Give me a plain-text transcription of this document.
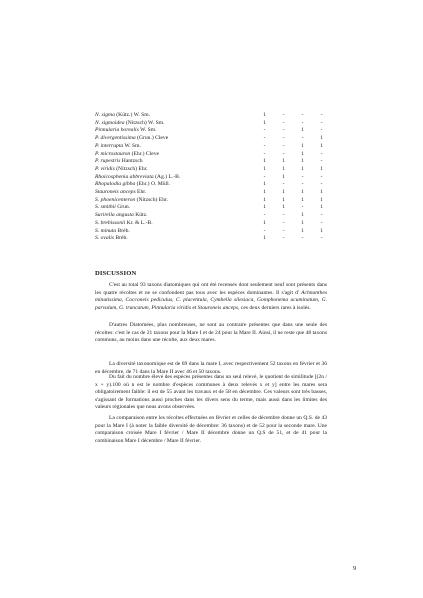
N. sigma (Kütz.) W. Sm.	1	-	-	-
N. sigmoidea (Nitzsch) W. Sm.	1	-	-	-
Pinnularia borealis W. Sm.	-	-	1	-
P. divergentissima (Grun.) Cleve	-	-	-	1
P. interrupta W. Sm.	-	-	1	1
P. microstauron (Ehr.) Cleve	-	-	1	-
P. rupestris Hantzsch	1	1	1	-
P. viridis (Nitzsch) Ehr.	1	1	1	1
Rhoicosphenia abbreviata (Ag.) L.-B.	-	1	-	-
Rhopalodia gibba (Ehr.) O. Müll.	1	-	-	-
Stauroneis anceps Ehr.	1	1	1	1
S. phoenicenteron (Nitzsch) Ehr.	1	1	1	1
S. smithii Grun.	1	1	-	1
Surirella angusta Kütz.	-	-	1	-
S. brebissonii Kr. & L.-B.	1	-	1	-
S. minuta Bréb.	-	-	1	1
S. ovalis Bréb.	1	-	-	-
DISCUSSION

C'est au total 93 taxons diatomiques qui ont été recensés dont seulement neuf sont présents dans les quatre récoltes et ne se confondent pas tous avec les espèces dominantes. Il s'agit d' Achnanthes minutissima, Cocconeis pediculus, C. placentula, Cymbella silesiaca, Gomphonema acuminatum, G. parvulum, G. truncatum, Pinnularia viridis et Stauroneis anceps, ces deux derniers rares à isolés.

D'autres Diatomées, plus nombreuses, ne sont au contraire présentes que dans une seule des récoltes: c'est le cas de 21 taxons pour la Mare I et de 24 pour la Mare II. Ainsi, il ne reste que 48 taxons communs, au moins dans une récolte, aux deux mares.

La diversité taxonomique est de 69 dans la mare I, avec respectivement 52 taxons en février et 36 en décembre, de 71 dans la Mare II avec 46 et 50 taxons.

Du fait du nombre élevé des espèces présentes dans un seul relevé, le quotient de similitude [(2n / x + y).100 où n est le nombre d'espèces communes à deux relevés x et y] entre les mares sera obligatoirement faible: il est de 55 avant les travaux et de 58 en décembre. Ces valeurs sont très basses, s'agissant de formations aussi proches dans les divers sens du terme, mais aussi dans les limites des valeurs régionales que nous avons observées.

La comparaison entre les récoltes effectuées en février et celles de décembre donne un Q.S. de 43 pour la Mare I (à noter la faible diversité de décembre: 36 taxons) et de 52 pour la seconde mare. Une comparaison croisée Mare I février / Mare II décembre donne un Q.S de 51, et de 41 pour la combinaison Mare I décembre / Mare II février.

9
